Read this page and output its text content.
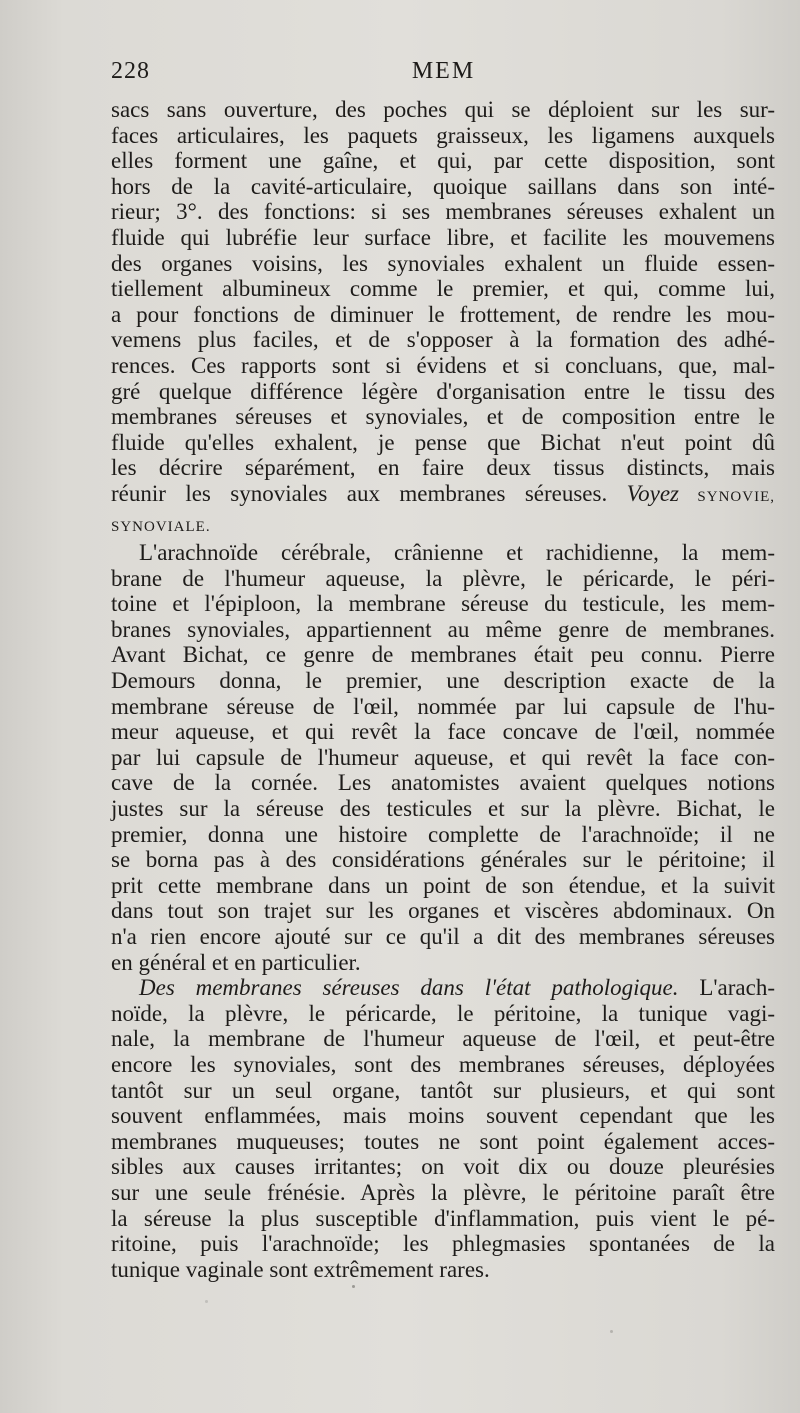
228	MEM
sacs sans ouverture, des poches qui se déploient sur les sur-
faces articulaires, les paquets graisseux, les ligamens auxquels
elles forment une gaîne, et qui, par cette disposition, sont
hors de la cavité-articulaire, quoique saillans dans son inté-
rieur; 3°. des fonctions: si ses membranes séreuses exhalent un
fluide qui lubréfie leur surface libre, et facilite les mouvemens
des organes voisins, les synoviales exhalent un fluide essen-
tiellement albumineux comme le premier, et qui, comme lui,
a pour fonctions de diminuer le frottement, de rendre les mou-
vemens plus faciles, et de s'opposer à la formation des adhé-
rences. Ces rapports sont si évidens et si concluans, que, mal-
gré quelque différence légère d'organisation entre le tissu des
membranes séreuses et synoviales, et de composition entre le
fluide qu'elles exhalent, je pense que Bichat n'eut point dû
les décrire séparément, en faire deux tissus distincts, mais
réunir les synoviales aux membranes séreuses. Voyez SYNOVIE,
SYNOVIALE.
L'arachnoïde cérébrale, crânienne et rachidienne, la mem-
brane de l'humeur aqueuse, la plèvre, le péricarde, le péri-
toine et l'épiploon, la membrane séreuse du testicule, les mem-
branes synoviales, appartiennent au même genre de membranes.
Avant Bichat, ce genre de membranes était peu connu. Pierre
Demours donna, le premier, une description exacte de la
membrane séreuse de l'œil, nommée par lui capsule de l'hu-
meur aqueuse, et qui revêt la face concave de l'œil, nommée
par lui capsule de l'humeur aqueuse, et qui revêt la face con-
cave de la cornée. Les anatomistes avaient quelques notions
justes sur la séreuse des testicules et sur la plèvre. Bichat, le
premier, donna une histoire complette de l'arachnoïde; il ne
se borna pas à des considérations générales sur le péritoine; il
prit cette membrane dans un point de son étendue, et la suivit
dans tout son trajet sur les organes et viscères abdominaux. On
n'a rien encore ajouté sur ce qu'il a dit des membranes séreuses
en général et en particulier.
Des membranes séreuses dans l'état pathologique. L'arach-
noïde, la plèvre, le péricarde, le péritoine, la tunique vagi-
nale, la membrane de l'humeur aqueuse de l'œil, et peut-être
encore les synoviales, sont des membranes séreuses, déployées
tantôt sur un seul organe, tantôt sur plusieurs, et qui sont
souvent enflammées, mais moins souvent cependant que les
membranes muqueuses; toutes ne sont point également acces-
sibles aux causes irritantes; on voit dix ou douze pleurésies
sur une seule frénésie. Après la plèvre, le péritoine paraît être
la séreuse la plus susceptible d'inflammation, puis vient le pé-
ritoine, puis l'arachnoïde; les phlegmasies spontanées de la
tunique vaginale sont extrêmement rares.
